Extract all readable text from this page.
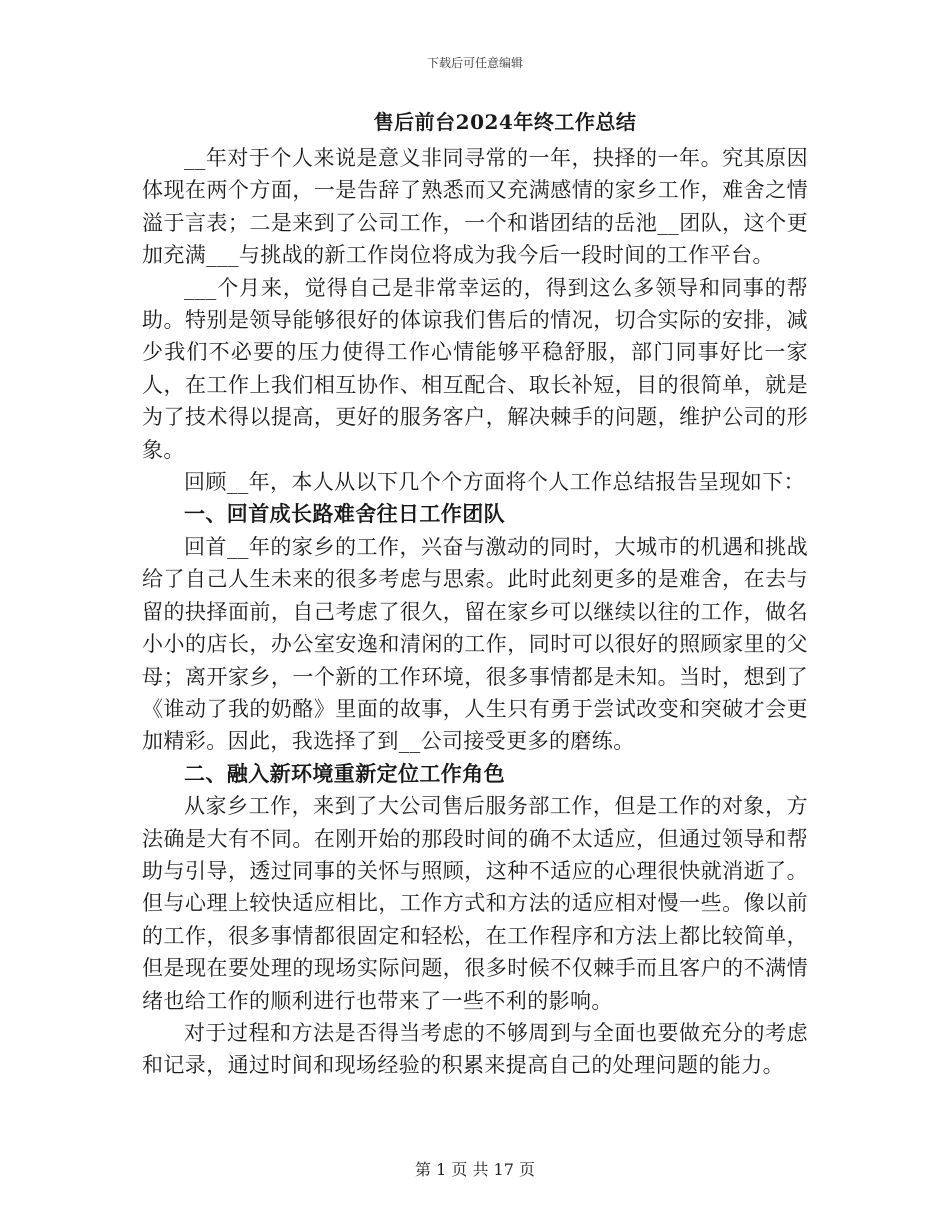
下载后可任意编辑
售后前台2024年终工作总结

__年对于个人来说是意义非同寻常的一年，抉择的一年。究其原因体现在两个方面，一是告辞了熟悉而又充满感情的家乡工作，难舍之情溢于言表；二是来到了公司工作，一个和谐团结的岳池__团队，这个更加充满___与挑战的新工作岗位将成为我今后一段时间的工作平台。

___个月来，觉得自己是非常幸运的，得到这么多领导和同事的帮助。特别是领导能够很好的体谅我们售后的情况，切合实际的安排，减少我们不必要的压力使得工作心情能够平稳舒服，部门同事好比一家人，在工作上我们相互协作、相互配合、取长补短，目的很简单，就是为了技术得以提高，更好的服务客户，解决棘手的问题，维护公司的形象。

回顾__年，本人从以下几个个方面将个人工作总结报告呈现如下：

一、回首成长路难舍往日工作团队

回首__年的家乡的工作，兴奋与激动的同时，大城市的机遇和挑战给了自己人生未来的很多考虑与思索。此时此刻更多的是难舍，在去与留的抉择面前，自己考虑了很久，留在家乡可以继续以往的工作，做名小小的店长，办公室安逸和清闲的工作，同时可以很好的照顾家里的父母；离开家乡，一个新的工作环境，很多事情都是未知。当时，想到了《谁动了我的奶酪》里面的故事，人生只有勇于尝试改变和突破才会更加精彩。因此，我选择了到__公司接受更多的磨练。

二、融入新环境重新定位工作角色

从家乡工作，来到了大公司售后服务部工作，但是工作的对象，方法确是大有不同。在刚开始的那段时间的确不太适应，但通过领导和帮助与引导，透过同事的关怀与照顾，这种不适应的心理很快就消逝了。但与心理上较快适应相比，工作方式和方法的适应相对慢一些。像以前的工作，很多事情都很固定和轻松，在工作程序和方法上都比较简单，但是现在要处理的现场实际问题，很多时候不仅棘手而且客户的不满情绪也给工作的顺利进行也带来了一些不利的影响。

对于过程和方法是否得当考虑的不够周到与全面也要做充分的考虑和记录，通过时间和现场经验的积累来提高自己的处理问题的能力。

第 1 页 共 17 页
